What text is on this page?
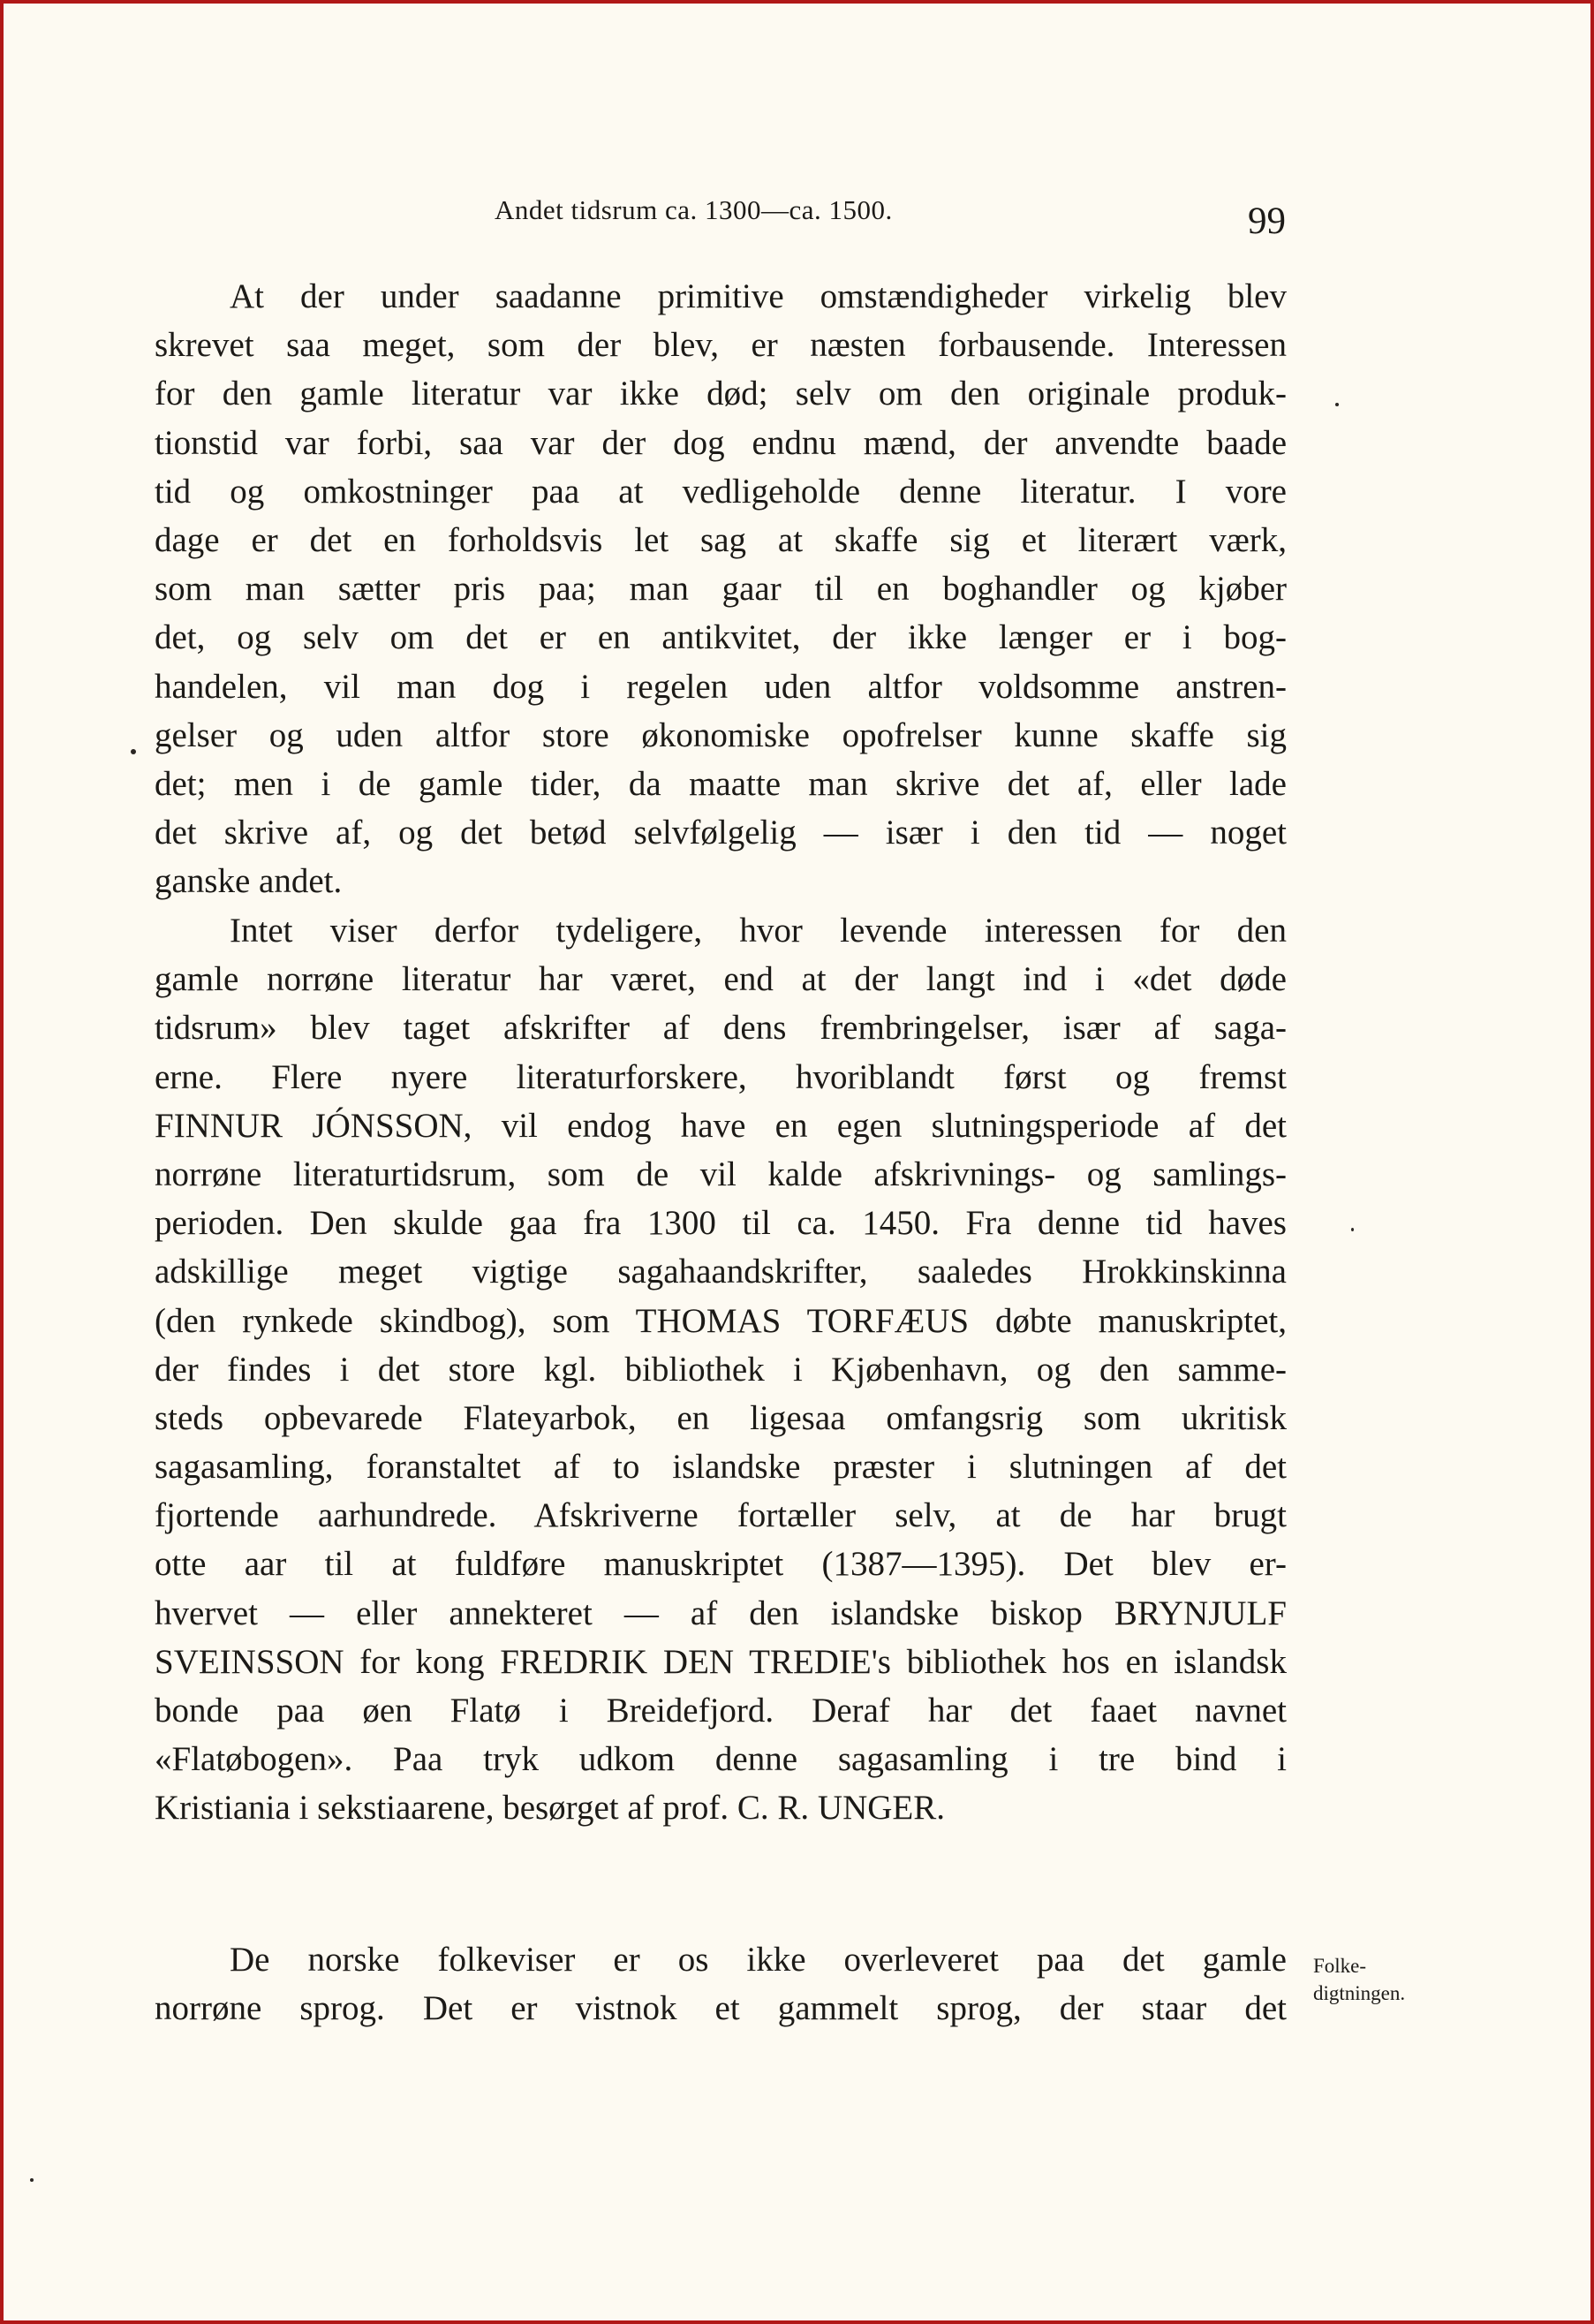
Andet tidsrum ca. 1300—ca. 1500.	99
At der under saadanne primitive omstændigheder virkelig blev
skrevet saa meget, som der blev, er næsten forbausende. Interessen
for den gamle literatur var ikke død; selv om den originale produk-
tionstid var forbi, saa var der dog endnu mænd, der anvendte baade
tid og omkostninger paa at vedligeholde denne literatur. I vore
dage er det en forholdsvis let sag at skaffe sig et literært værk,
som man sætter pris paa; man gaar til en boghandler og kjøber
det, og selv om det er en antikvitet, der ikke længer er i bog-
handelen, vil man dog i regelen uden altfor voldsomme anstren-
gelser og uden altfor store økonomiske opofrelser kunne skaffe sig
det; men i de gamle tider, da maatte man skrive det af, eller lade
det skrive af, og det betød selvfølgelig — især i den tid — noget
ganske andet.
Intet viser derfor tydeligere, hvor levende interessen for den
gamle norrøne literatur har været, end at der langt ind i «det døde
tidsrum» blev taget afskrifter af dens frembringelser, især af saga-
erne. Flere nyere literaturforskere, hvoriblandt først og fremst
FINNUR JÓNSSON, vil endog have en egen slutningsperiode af det
norrøne literaturtidsrum, som de vil kalde afskrivnings- og samlings-
perioden. Den skulde gaa fra 1300 til ca. 1450. Fra denne tid haves
adskillige meget vigtige sagahaandskrifter, saaledes Hrokkinskinna
(den rynkede skindbog), som THOMAS TORFÆUS døbte manuskriptet,
der findes i det store kgl. bibliothek i Kjøbenhavn, og den samme-
steds opbevarede Flateyarbok, en ligesaa omfangsrig som ukritisk
sagasamling, foranstaltet af to islandske præster i slutningen af det
fjortende aarhundrede. Afskriverne fortæller selv, at de har brugt
otte aar til at fuldføre manuskriptet (1387—1395). Det blev er-
hvervet — eller annekteret — af den islandske biskop BRYNJULF
SVEINSSON for kong FREDRIK DEN TREDIE's bibliothek hos en islandsk
bonde paa øen Flatø i Breidefjord. Deraf har det faaet navnet
«Flatøbogen». Paa tryk udkom denne sagasamling i tre bind i
Kristiania i sekstiaarene, besørget af prof. C. R. UNGER.
De norske folkeviser er os ikke overleveret paa det gamle
norrøne sprog. Det er vistnok et gammelt sprog, der staar det
Folke-
digtningen.
